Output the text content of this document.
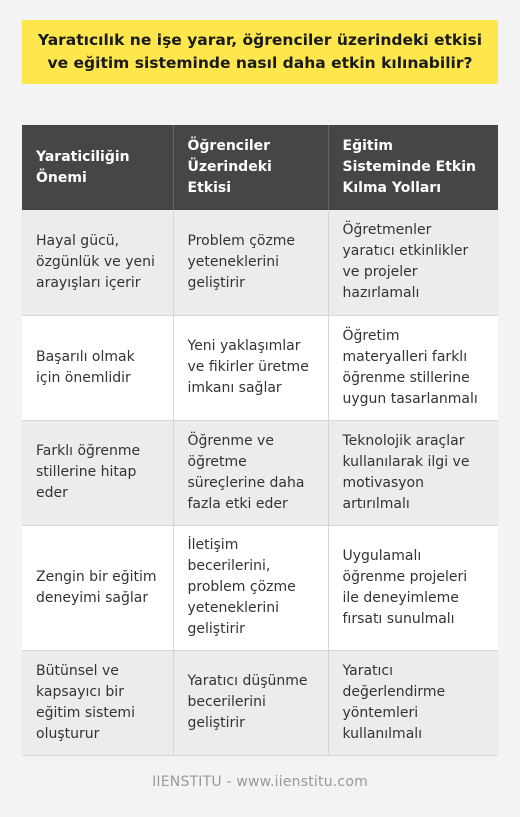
Yaratıcılık ne işe yarar, öğrenciler üzerindeki etkisi ve eğitim sisteminde nasıl daha etkin kılınabilir?
Yaraticiliğin Önemi	Öğrenciler Üzerindeki Etkisi	Eğitim Sisteminde Etkin Kılma Yolları
Hayal gücü, özgünlük ve yeni arayışları içerir	Problem çözme yeteneklerini geliştirir	Öğretmenler yaratıcı etkinlikler ve projeler hazırlamalı
Başarılı olmak için önemlidir	Yeni yaklaşımlar ve fikirler üretme imkanı sağlar	Öğretim materyalleri farklı öğrenme stillerine uygun tasarlanmalı
Farklı öğrenme stillerine hitap eder	Öğrenme ve öğretme süreçlerine daha fazla etki eder	Teknolojik araçlar kullanılarak ilgi ve motivasyon artırılmalı
Zengin bir eğitim deneyimi sağlar	İletişim becerilerini, problem çözme yeteneklerini geliştirir	Uygulamalı öğrenme projeleri ile deneyimleme fırsatı sunulmalı
Bütünsel ve kapsayıcı bir eğitim sistemi oluşturur	Yaratıcı düşünme becerilerini geliştirir	Yaratıcı değerlendirme yöntemleri kullanılmalı
IIENSTITU - www.iienstitu.com
